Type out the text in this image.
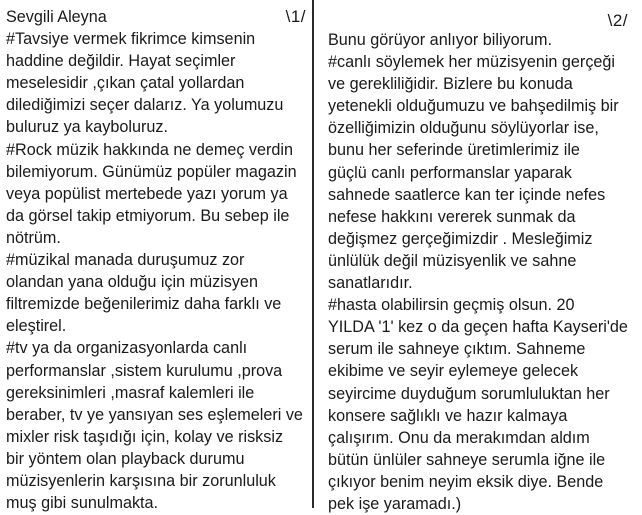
\1/

Sevgili Aleyna
#Tavsiye vermek fikrimce kimsenin
haddine değildir. Hayat seçimler
meselesidir ,çıkan çatal yollardan
dilediğimizi seçer dalarız. Ya yolumuzu
buluruz ya kayboluruz.
#Rock müzik hakkında ne demeç verdin
bilemiyorum. Günümüz popüler magazin
veya popülist mertebede yazı yorum ya
da görsel takip etmiyorum. Bu sebep ile
nötrüm.
#müzikal manada duruşumuz zor
olandan yana olduğu için müzisyen
filtremizde beğenilerimiz daha farklı ve
eleştirel.
#tv ya da organizasyonlarda canlı
performanslar ,sistem kurulumu ,prova
gereksinimleri ,masraf kalemleri ile
beraber, tv ye yansıyan ses eşlemeleri ve
mixler risk taşıdığı için, kolay ve risksiz
bir yöntem olan playback durumu
müzisyenlerin karşısına bir zorunluluk
muş gibi sunulmakta.

\2/

Bunu görüyor anlıyor biliyorum.
#canlı söylemek her müzisyenin gerçeği
ve gerekliliğidir. Bizlere bu konuda
yetenekli olduğumuzu ve bahşedilmiş bir
özelliğimizin olduğunu söylüyorlar ise,
bunu her seferinde üretimlerimiz ile
güçlü canlı performanslar yaparak
sahnede saatlerce kan ter içinde nefes
nefese hakkını vererek sunmak da
değişmez gerçeğimizdir . Mesleğimiz
ünlülük değil müzisyenlik ve sahne
sanatlarıdır.
#hasta olabilirsin geçmiş olsun. 20
YILDA '1' kez o da geçen hafta Kayseri'de
serum ile sahneye çıktım. Sahneme
ekibime ve seyir eylemeye gelecek
seyircime duyduğum sorumluluktan her
konsere sağlıklı ve hazır kalmaya
çalışırım. Onu da merakımdan aldım
bütün ünlüler sahneye serumla iğne ile
çıkıyor benim neyim eksik diye. Bende
pek işe yaramadı.)
